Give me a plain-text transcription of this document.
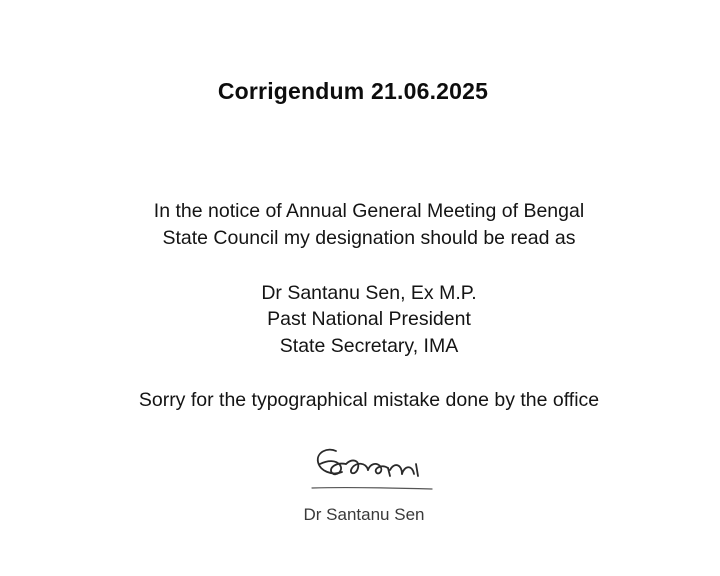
Corrigendum 21.06.2025
In the notice of Annual General Meeting of Bengal
State Council my designation should be read as
Dr Santanu Sen, Ex M.P.
Past National President
State Secretary, IMA
Sorry for the typographical mistake done by the office
Dr Santanu Sen
